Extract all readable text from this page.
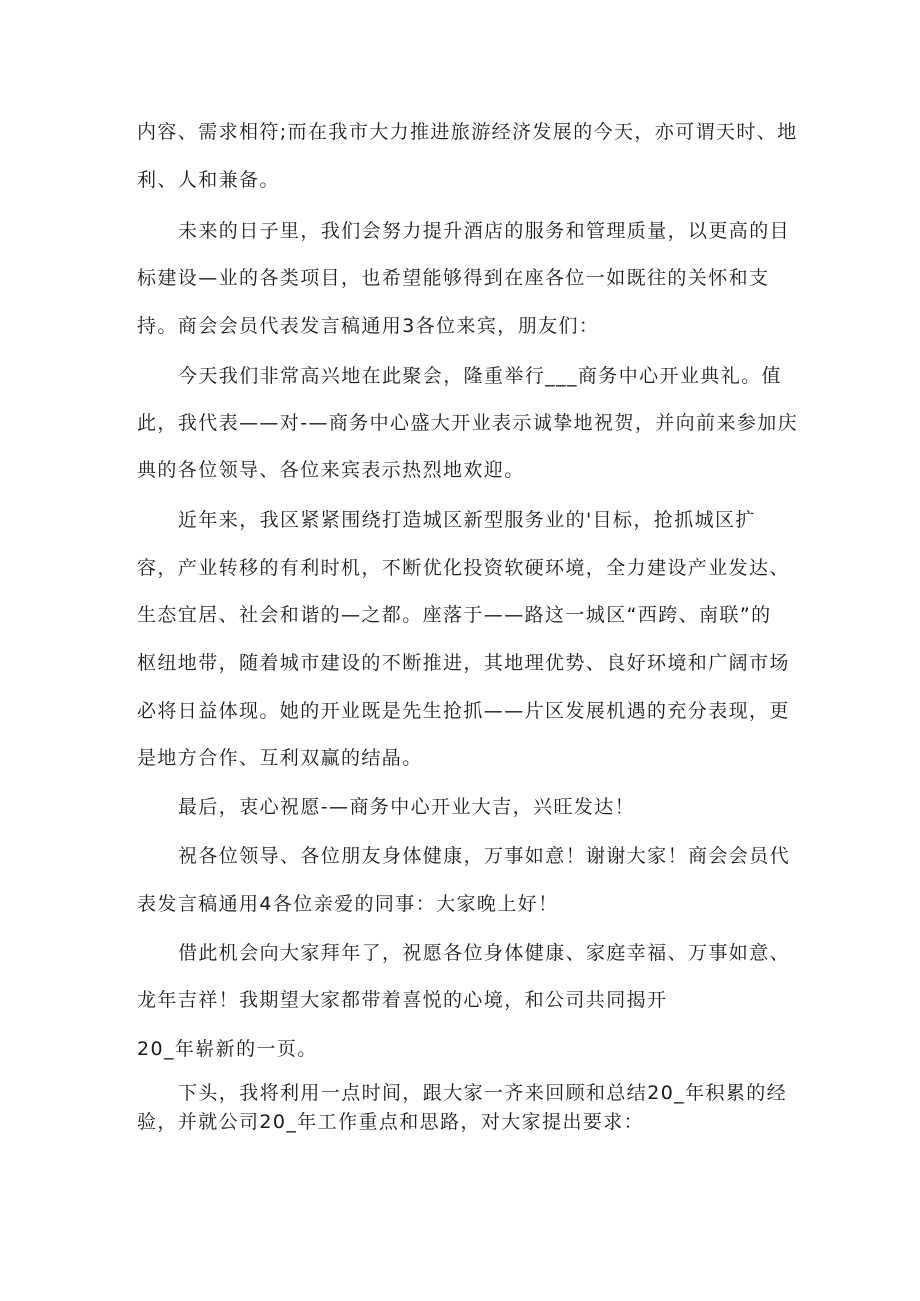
内容、需求相符;而在我市大力推进旅游经济发展的今天，亦可谓天时、地

利、人和兼备。

未来的日子里，我们会努力提升酒店的服务和管理质量，以更高的目

标建设—业的各类项目，也希望能够得到在座各位一如既往的关怀和支

持。商会会员代表发言稿通用3各位来宾，朋友们：

今天我们非常高兴地在此聚会，隆重举行___商务中心开业典礼。值

此，我代表——对-—商务中心盛大开业表示诚挚地祝贺，并向前来参加庆

典的各位领导、各位来宾表示热烈地欢迎。

近年来，我区紧紧围绕打造城区新型服务业的'目标，抢抓城区扩

容，产业转移的有利时机，不断优化投资软硬环境，全力建设产业发达、

生态宜居、社会和谐的—之都。座落于——路这一城区“西跨、南联”的

枢纽地带，随着城市建设的不断推进，其地理优势、良好环境和广阔市场

必将日益体现。她的开业既是先生抢抓——片区发展机遇的充分表现，更

是地方合作、互利双赢的结晶。

最后，衷心祝愿-—商务中心开业大吉，兴旺发达！

祝各位领导、各位朋友身体健康，万事如意！谢谢大家！商会会员代

表发言稿通用4各位亲爱的同事：大家晚上好！

借此机会向大家拜年了，祝愿各位身体健康、家庭幸福、万事如意、

龙年吉祥！我期望大家都带着喜悦的心境，和公司共同揭开

20_年崭新的一页。

下头，我将利用一点时间，跟大家一齐来回顾和总结20_年积累的经

验，并就公司20_年工作重点和思路，对大家提出要求：
